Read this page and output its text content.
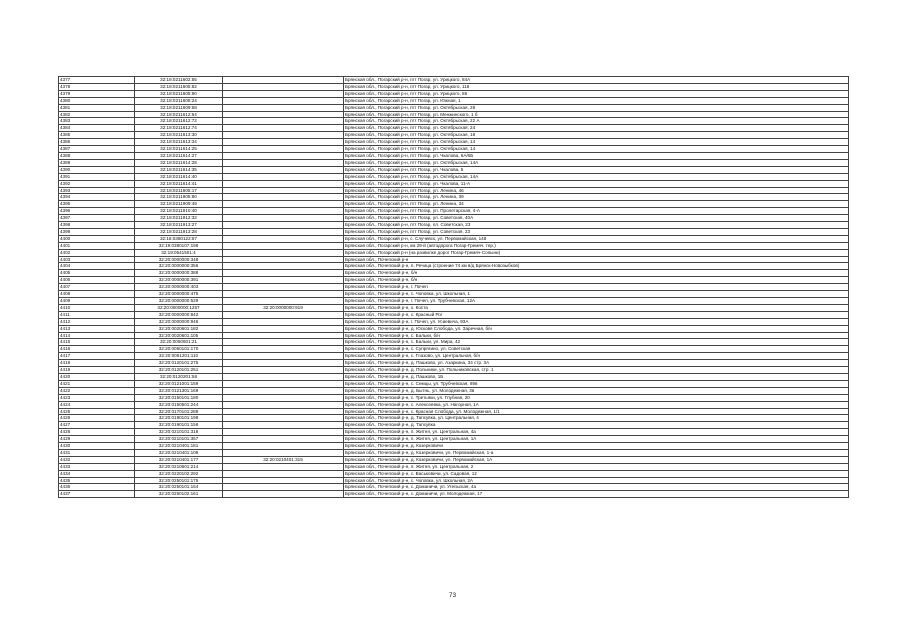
4377	32:18:0211602:55		Брянская обл., Погарский р-н, пгт Погар, ул. Урицкого, 84А
4378	32:18:0211605:82		Брянская обл., Погарский р-н, пгт Погар, ул. Урицкого, 118
4379	32:18:0211605:90		Брянская обл., Погарский р-н, пгт Погар, ул. Урицкого, 86
4380	32:18:0211608:24		Брянская обл., Погарский р-н, пгт Погар, ул. Южная, 1
4381	32:18:0211609:58		Брянская обл., Погарский р-н, пгт Погар, ул. Октябрьская, 28
4382	32:18:0211612:54		Брянская обл., Погарский р-н, пгт Погар, ул. Менжинского, 1 б
4383	32:18:0211612:72		Брянская обл., Погарский р-н, пгт Погар, ул. Октябрьская, 22 А
4384	32:18:0211612:74		Брянская обл., Погарский р-н, пгт Погар, ул. Октябрьская, 24
4385	32:18:0211613:30		Брянская обл., Погарский р-н, пгт Погар, ул. Октябрьская, 18
4386	32:18:0211613:34		Брянская обл., Погарский р-н, пгт Погар, ул. Октябрьская, 14
4387	32:18:0211614:25		Брянская обл., Погарский р-н, пгт Погар, ул. Октябрьская, 14
4388	32:18:0211614:27		Брянская обл., Погарский р-н, пгт Погар, ул. Чкалова, 6А/6Б
4389	32:18:0211614:28		Брянская обл., Погарский р-н, пгт Погар, ул. Октябрьская, 14А
4390	32:18:0211614:35		Брянская обл., Погарский р-н, пгт Погар, ул. Чкалова, 5
4391	32:18:0211614:40		Брянская обл., Погарский р-н, пгт Погар, ул. Октябрьская, 14А
4392	32:18:0211614:41		Брянская обл., Погарский р-н, пгт Погар, ул. Чкалова, 11-А
4393	32:18:0211605:17		Брянская обл., Погарский р-н, пгт Погар, ул. Ленина, 46
4394	32:18:0211905:80		Брянская обл., Погарский р-н, пгт Погар, ул. Ленина, 39
4395	32:18:0211909:49		Брянская обл., Погарский р-н, пгт Погар, ул. Ленина, 34
4396	32:18:0211910:40		Брянская обл., Погарский р-н, пгт Погар, ул. Пролетарская, 4-А
4397	32:18:0211912:32		Брянская обл., Погарский р-н, пгт Погар, ул. Советская, 40А
4398	32:18:0211913:27		Брянская обл., Погарский р-н, пгт Погар, пл. Советская, 23
4399	32:18:0211913:28		Брянская обл., Погарский р-н, пгт Погар, ул. Советская, 23
4400	32:18:0380122:87		Брянская обл., Погарский р-н, с. Случевск, ул. Первомайская, 148
4401	32:19:0380107:198		Брянская обл., Погарский р-н, км 29-й (автодорога Погар-Гремяч. тер.)
4402	32:19:0541501:4		Брянская обл., Погарский р-н (на развилке дорог Погар-Гремяч-Сопыни)
4403	32:20:0000000:348		Брянская обл., Почепский р-н
4404	32:20:0000000:356		Брянская обл., Почепский р-н, п. Речица (строение 74 км в/д Брянск-Новозыбков)
4405	32:20:0000000:388		Брянская обл., Почепский р-н, б/н
4406	32:20:0000000:391		Брянская обл., Почепский р-н, б/н
4407	32:20:0000000:403		Брянская обл., Почепский р-н, г. Почеп
4408	32:20:0000000:475		Брянская обл., Почепский р-н, с. Чоповка, ул. Школьная, 1
4409	32:20:0000000:529		Брянская обл., Почепский р-н, г. Почеп, ул. Трубчевская, 12А
4410	32:20:0000000:1257	32:20:0000000:919	Брянская обл., Почепский р-н, х. Коста
4411	32:20:0000000:842		Брянская обл., Почепский р-н, с. Красный Рог
4412	32:20:0000000:946		Брянская обл., Почепский р-н, г. Почеп, ул. Усиевича, 93А
4413	32:20:0020601:182		Брянская обл., Почепский р-н, д. Юсковя Слобода, ул. Заречная, б/н
4414	32:20:0020601:105		Брянская обл., Почепский р-н, с. Бальки, б/н
4415	32:20:0050601:21		Брянская обл., Почепский р-н, с. Бальки, ул. Мира, 42
4416	32:20:0050101:170		Брянская обл., Почепский р-н, с. Супрягино, ул. Советская
4417	32:20:0051201:110		Брянская обл., Почепский р-н, с. Глазово, ул. Центральная, б/н
4418	32:20:0120101:275		Брянская обл., Почепский р-н, д. Пашково, ул. Азаркина, 34 стр. 3А
4419	32:20:0120101:251		Брянская обл., Почепский р-н, д. Польники, ул. Польниковская, стр. 1
4420	32:20:0120201:58		Брянская обл., Почепский р-н, д. Пашково, 1Б
4421	32:20:0121001:159		Брянская обл., Почепский р-н, с. Семцы, ул. Трубчевская, 69в
4422	32:20:0121301:169		Брянская обл., Почепский р-н, д. Бытнь, ул. Молодежная, 3в
4423	32:20:0150101:180		Брянская обл., Почепский р-н, с. Третьяки, ул. Глубная, 20
4424	32:20:0150501:244		Брянская обл., Почепский р-н, с. Алексеевка, ул. Нагорная, 1А
4425	32:20:0170101:289		Брянская обл., Почепский р-н, с. Красная Слобода, ул. Молодежная, 1/1
4426	32:20:0190101:199		Брянская обл., Почепский р-н, д. Тапсувка, ул. Центральная, 4
4427	32:20:0190101:156		Брянская обл., Почепский р-н, д. Тапсувка
4428	32:20:0210101:318		Брянская обл., Почепский р-н, п. Житня, ул. Центральная, 4а
4429	32:20:0210101:357		Брянская обл., Почепский р-н, п. Житня, ул. Центральная, 1А
4430	32:20:0210401:181		Брянская обл., Почепский р-н, д. Козерковичи
4431	32:20:0210401:108		Брянская обл., Почепский р-н, д. Козерковичи, ул. Первомайская, 1-а
4432	32:20:0210401:177	32:20:0210401:315	Брянская обл., Почепский р-н, д. Козерковичи, ул. Первомайская, 1А
4433	32:20:0210601:214		Брянская обл., Почепский р-н, п. Житня, ул. Центральная, 2
4434	32:20:0220102:292		Брянская обл., Почепский р-н, с. Васьковичи, ул. Садовая, 12
4435	32:20:0250101:175		Брянская обл., Почепский р-н, с. Чоповка, ул. Школьная, 2А
4436	32:20:0250101:164		Брянская обл., Почепский р-н, с. Доманичи, ул. Угельская, 4а
4437	32:20:0250102:161		Брянская обл., Почепский р-н, с. Доманичи, ул. Молодежная, 17
73
